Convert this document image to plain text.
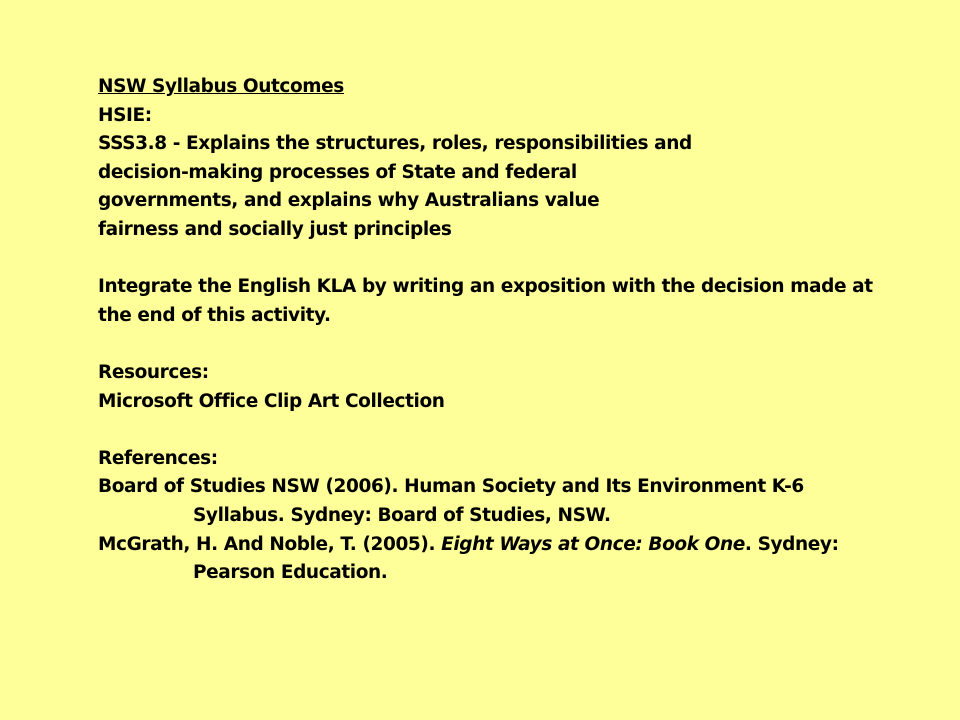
NSW Syllabus Outcomes
HSIE:
SSS3.8 - Explains the structures, roles, responsibilities and
decision-making processes of State and federal
governments, and explains why Australians value
fairness and socially just principles
Integrate the English KLA by writing an exposition with the decision made at
the end of this activity.
Resources:
Microsoft Office Clip Art Collection
References:
Board of Studies NSW (2006). Human Society and Its Environment K-6
Syllabus. Sydney: Board of Studies, NSW.
McGrath, H. And Noble, T. (2005). Eight Ways at Once: Book One. Sydney:
Pearson Education.
